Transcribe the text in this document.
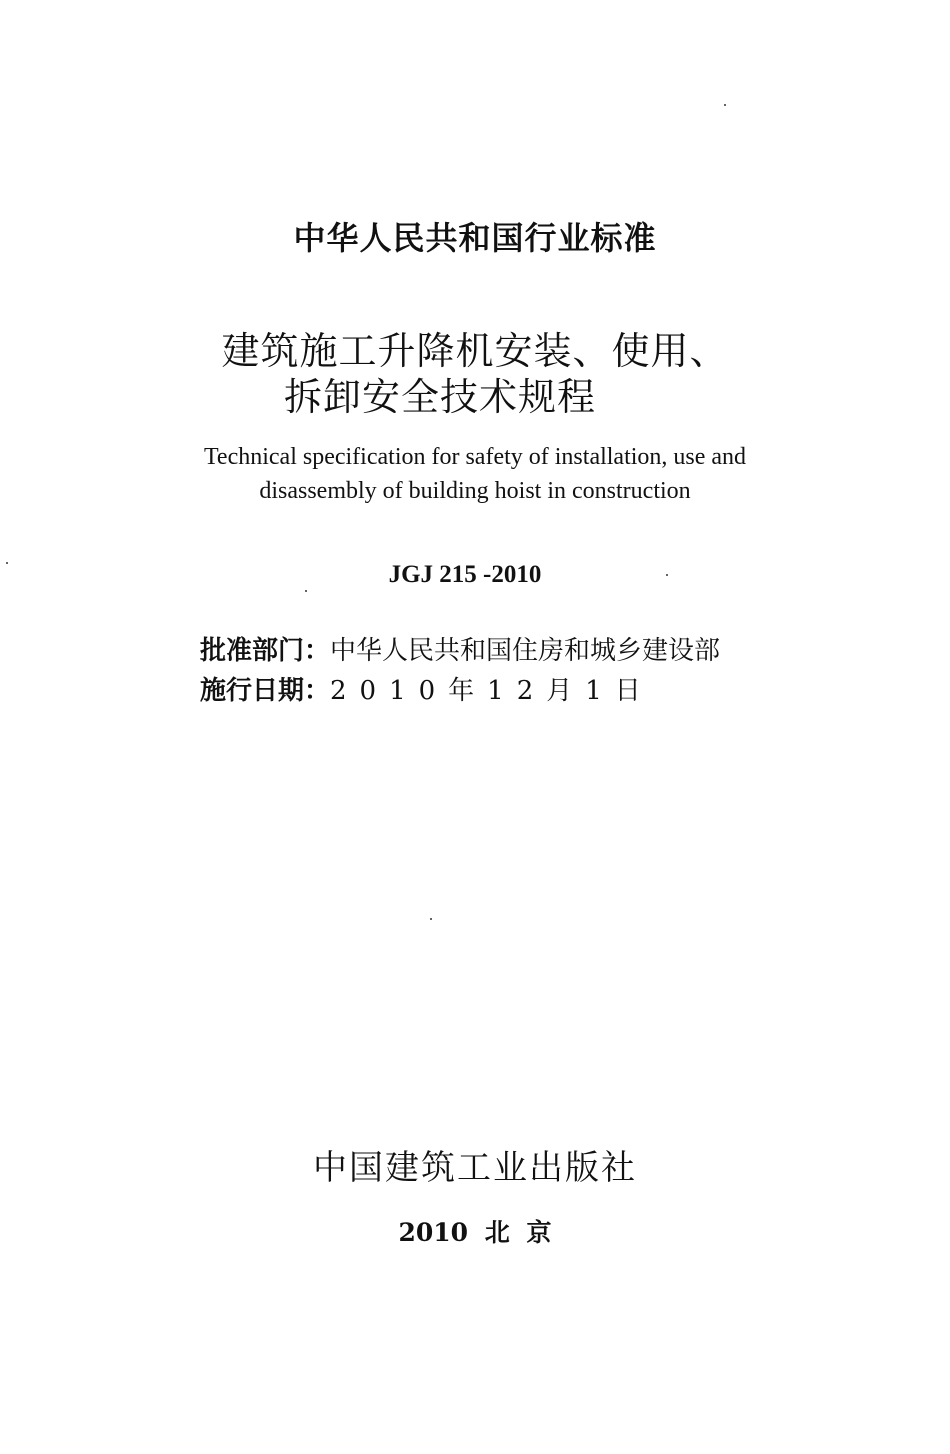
中华人民共和国行业标准
建筑施工升降机安装、使用、
拆卸安全技术规程
Technical specification for safety of installation, use and
disassembly of building hoist in construction
JGJ 215 -2010
批准部门：中华人民共和国住房和城乡建设部
施行日期：2010年12月1日
中国建筑工业出版社
2010 北 京
